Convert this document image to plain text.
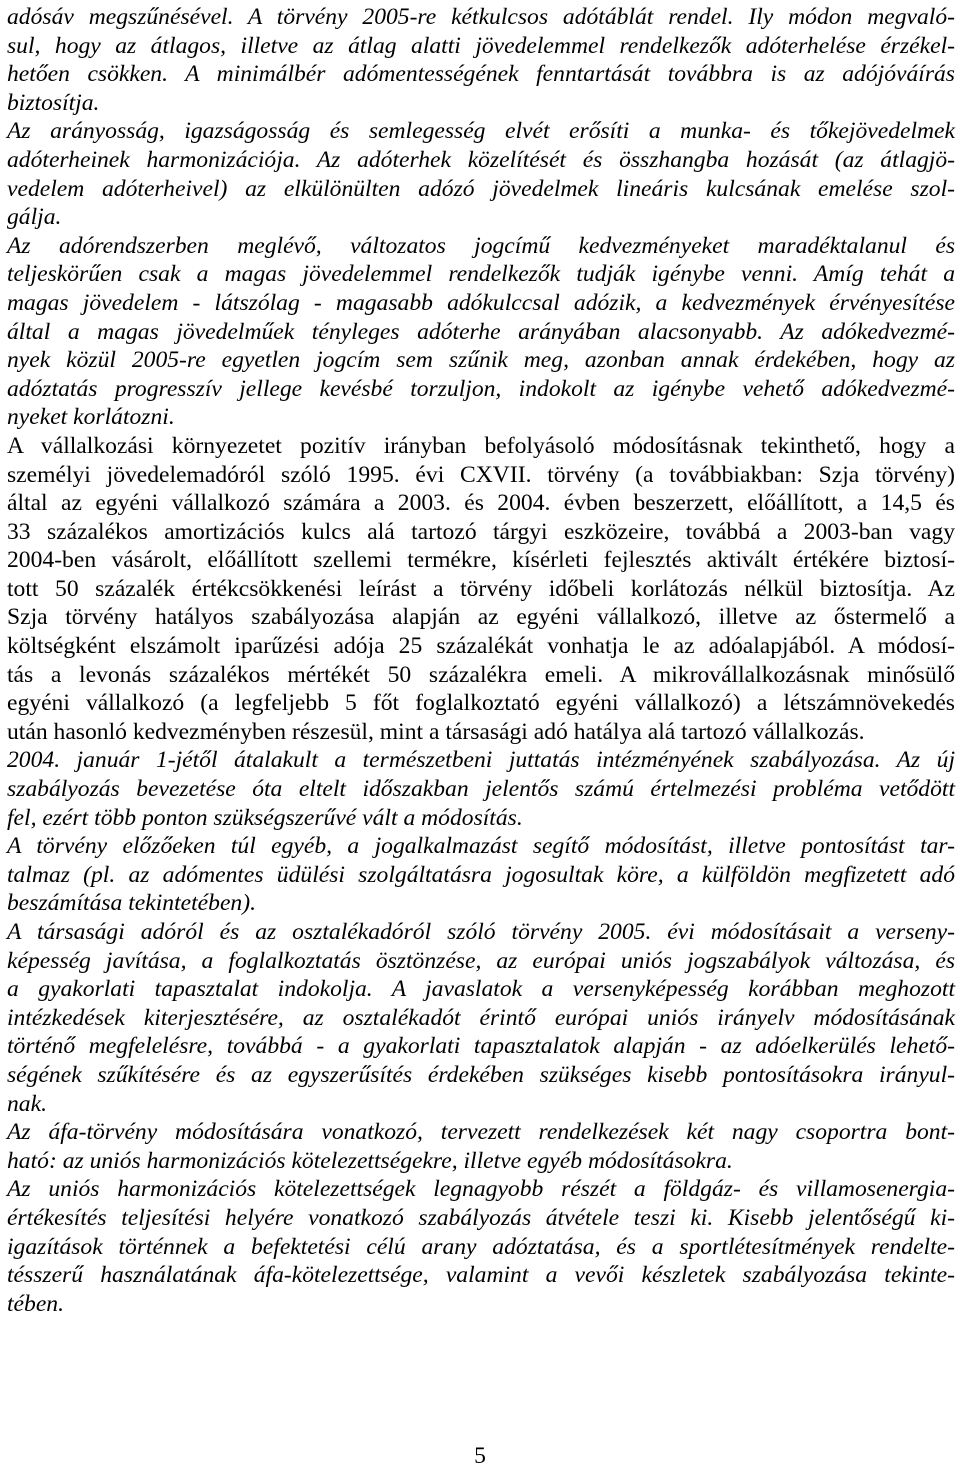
adósáv megszűnésével. A törvény 2005-re kétkulcsos adótáblát rendel. Ily módon megvaló-
sul, hogy az átlagos, illetve az átlag alatti jövedelemmel rendelkezők adóterhelése érzékel-
hetően csökken. A minimálbér adómentességének fenntartását továbbra is az adójóváírás
biztosítja.
Az arányosság, igazságosság és semlegesség elvét erősíti a munka- és tőkejövedelmek
adóterheinek harmonizációja. Az adóterhek közelítését és összhangba hozását (az átlagjö-
vedelem adóterheivel) az elkülönülten adózó jövedelmek lineáris kulcsának emelése szol-
gálja.
Az adórendszerben meglévő, változatos jogcímű kedvezményeket maradéktalanul és
teljeskörűen csak a magas jövedelemmel rendelkezők tudják igénybe venni. Amíg tehát a
magas jövedelem - látszólag - magasabb adókulccsal adózik, a kedvezmények érvényesítése
által a magas jövedelműek tényleges adóterhe arányában alacsonyabb. Az adókedvezmé-
nyek közül 2005-re egyetlen jogcím sem szűnik meg, azonban annak érdekében, hogy az
adóztatás progresszív jellege kevésbé torzuljon, indokolt az igénybe vehető adókedvezmé-
nyeket korlátozni.
A vállalkozási környezetet pozitív irányban befolyásoló módosításnak tekinthető, hogy a
személyi jövedelemadóról szóló 1995. évi CXVII. törvény (a továbbiakban: Szja törvény)
által az egyéni vállalkozó számára a 2003. és 2004. évben beszerzett, előállított, a 14,5 és
33 százalékos amortizációs kulcs alá tartozó tárgyi eszközeire, továbbá a 2003-ban vagy
2004-ben vásárolt, előállított szellemi termékre, kísérleti fejlesztés aktivált értékére biztosí-
tott 50 százalék értékcsökkenési leírást a törvény időbeli korlátozás nélkül biztosítja. Az
Szja törvény hatályos szabályozása alapján az egyéni vállalkozó, illetve az őstermelő a
költségként elszámolt iparűzési adója 25 százalékát vonhatja le az adóalapjából. A módosí-
tás a levonás százalékos mértékét 50 százalékra emeli. A mikrovállalkozásnak minősülő
egyéni vállalkozó (a legfeljebb 5 főt foglalkoztató egyéni vállalkozó) a létszámnövekedés
után hasonló kedvezményben részesül, mint a társasági adó hatálya alá tartozó vállalkozás.
2004. január 1-jétől átalakult a természetbeni juttatás intézményének szabályozása. Az új
szabályozás bevezetése óta eltelt időszakban jelentős számú értelmezési probléma vetődött
fel, ezért több ponton szükségszerűvé vált a módosítás.
A törvény előzőeken túl egyéb, a jogalkalmazást segítő módosítást, illetve pontosítást tar-
talmaz (pl. az adómentes üdülési szolgáltatásra jogosultak köre, a külföldön megfizetett adó
beszámítása tekintetében).
A társasági adóról és az osztalékadóról szóló törvény 2005. évi módosításait a verseny-
képesség javítása, a foglalkoztatás ösztönzése, az európai uniós jogszabályok változása, és
a gyakorlati tapasztalat indokolja. A javaslatok a versenyképesség korábban meghozott
intézkedések kiterjesztésére, az osztalékadót érintő európai uniós irányelv módosításának
történő megfelelésre, továbbá - a gyakorlati tapasztalatok alapján - az adóelkerülés lehető-
ségének szűkítésére és az egyszerűsítés érdekében szükséges kisebb pontosításokra irányul-
nak.
Az áfa-törvény módosítására vonatkozó, tervezett rendelkezések két nagy csoportra bont-
ható: az uniós harmonizációs kötelezettségekre, illetve egyéb módosításokra.
Az uniós harmonizációs kötelezettségek legnagyobb részét a földgáz- és villamosenergia-
értékesítés teljesítési helyére vonatkozó szabályozás átvétele teszi ki. Kisebb jelentőségű ki-
igazítások történnek a befektetési célú arany adóztatása, és a sportlétesítmények rendelte-
tésszerű használatának áfa-kötelezettsége, valamint a vevői készletek szabályozása tekinte-
tében.
5
